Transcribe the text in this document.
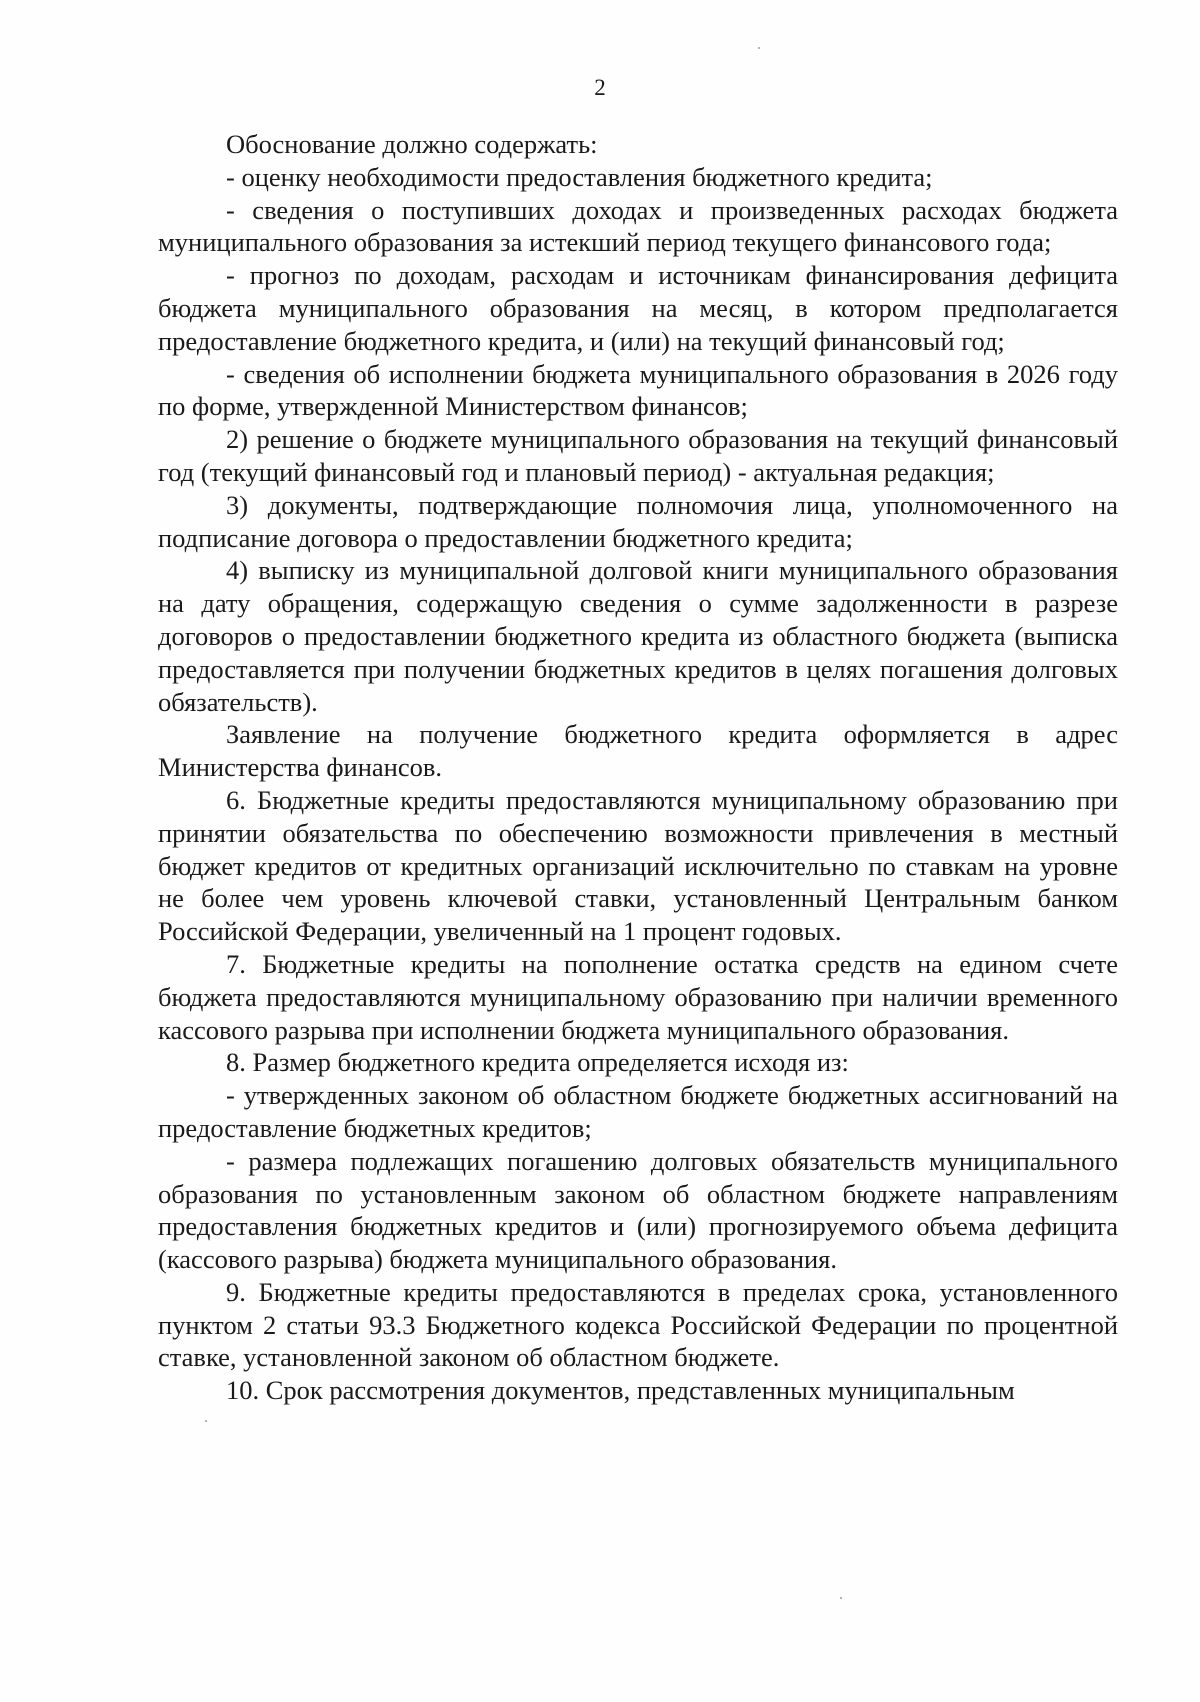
2

Обоснование должно содержать:

- оценку необходимости предоставления бюджетного кредита;

- сведения о поступивших доходах и произведенных расходах бюджета муниципального образования за истекший период текущего финансового года;

- прогноз по доходам, расходам и источникам финансирования дефицита бюджета муниципального образования на месяц, в котором предполагается предоставление бюджетного кредита, и (или) на текущий финансовый год;

- сведения об исполнении бюджета муниципального образования в 2026 году по форме, утвержденной Министерством финансов;

2) решение о бюджете муниципального образования на текущий финансовый год (текущий финансовый год и плановый период) - актуальная редакция;

3) документы, подтверждающие полномочия лица, уполномоченного на подписание договора о предоставлении бюджетного кредита;

4) выписку из муниципальной долговой книги муниципального образования на дату обращения, содержащую сведения о сумме задолженности в разрезе договоров о предоставлении бюджетного кредита из областного бюджета (выписка предоставляется при получении бюджетных кредитов в целях погашения долговых обязательств).

Заявление на получение бюджетного кредита оформляется в адрес Министерства финансов.

6. Бюджетные кредиты предоставляются муниципальному образованию при принятии обязательства по обеспечению возможности привлечения в местный бюджет кредитов от кредитных организаций исключительно по ставкам на уровне не более чем уровень ключевой ставки, установленный Центральным банком Российской Федерации, увеличенный на 1 процент годовых.

7. Бюджетные кредиты на пополнение остатка средств на едином счете бюджета предоставляются муниципальному образованию при наличии временного кассового разрыва при исполнении бюджета муниципального образования.

8. Размер бюджетного кредита определяется исходя из:

- утвержденных законом об областном бюджете бюджетных ассигнований на предоставление бюджетных кредитов;

- размера подлежащих погашению долговых обязательств муниципального образования по установленным законом об областном бюджете направлениям предоставления бюджетных кредитов и (или) прогнозируемого объема дефицита (кассового разрыва) бюджета муниципального образования.

9. Бюджетные кредиты предоставляются в пределах срока, установленного пунктом 2 статьи 93.3 Бюджетного кодекса Российской Федерации по процентной ставке, установленной законом об областном бюджете.

10. Срок рассмотрения документов, представленных муниципальным
